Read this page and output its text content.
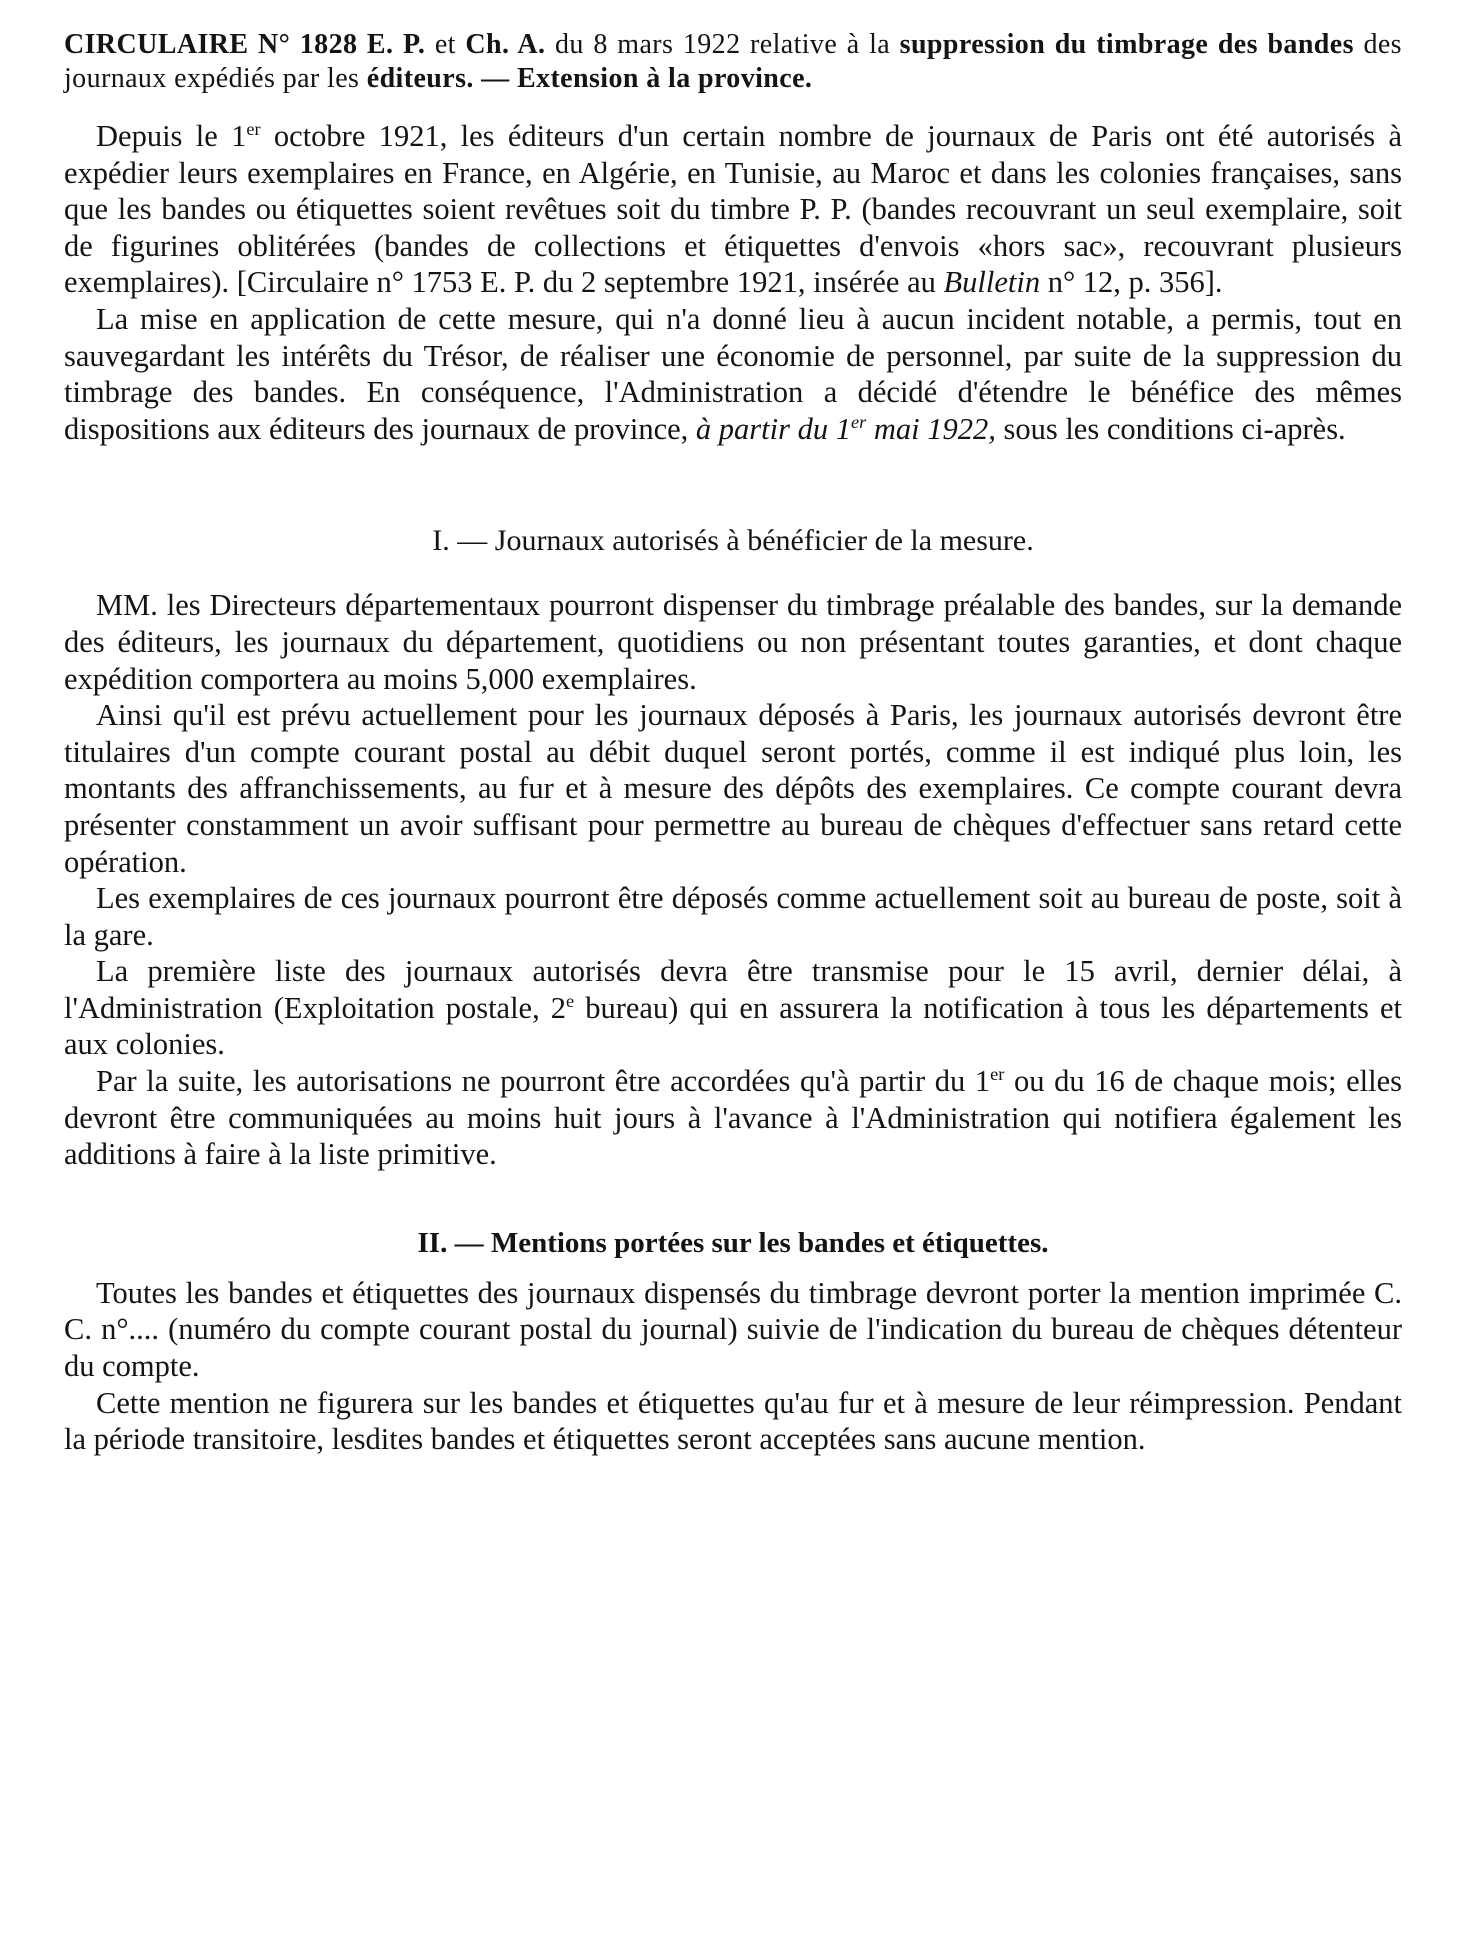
CIRCULAIRE N° 1828 E. P. et Ch. A. du 8 mars 1922 relative à la suppression du timbrage des bandes des journaux expédiés par les éditeurs. — Extension à la province.

Depuis le 1er octobre 1921, les éditeurs d'un certain nombre de journaux de Paris ont été autorisés à expédier leurs exemplaires en France, en Algérie, en Tunisie, au Maroc et dans les colonies françaises, sans que les bandes ou étiquettes soient revêtues soit du timbre P. P. (bandes recouvrant un seul exemplaire, soit de figurines oblitérées (bandes de collections et étiquettes d'envois «hors sac», recouvrant plusieurs exemplaires). [Circulaire n° 1753 E. P. du 2 septembre 1921, insérée au Bulletin n° 12, p. 356].

La mise en application de cette mesure, qui n'a donné lieu à aucun incident notable, a permis, tout en sauvegardant les intérêts du Trésor, de réaliser une économie de personnel, par suite de la suppression du timbrage des bandes. En conséquence, l'Administration a décidé d'étendre le bénéfice des mêmes dispositions aux éditeurs des journaux de province, à partir du 1er mai 1922, sous les conditions ci-après.

I. — Journaux autorisés à bénéficier de la mesure.

MM. les Directeurs départementaux pourront dispenser du timbrage préalable des bandes, sur la demande des éditeurs, les journaux du département, quotidiens ou non présentant toutes garanties, et dont chaque expédition comportera au moins 5,000 exemplaires.

Ainsi qu'il est prévu actuellement pour les journaux déposés à Paris, les journaux autorisés devront être titulaires d'un compte courant postal au débit duquel seront portés, comme il est indiqué plus loin, les montants des affranchissements, au fur et à mesure des dépôts des exemplaires. Ce compte courant devra présenter constamment un avoir suffisant pour permettre au bureau de chèques d'effectuer sans retard cette opération.

Les exemplaires de ces journaux pourront être déposés comme actuellement soit au bureau de poste, soit à la gare.

La première liste des journaux autorisés devra être transmise pour le 15 avril, dernier délai, à l'Administration (Exploitation postale, 2e bureau) qui en assurera la notification à tous les départements et aux colonies.

Par la suite, les autorisations ne pourront être accordées qu'à partir du 1er ou du 16 de chaque mois; elles devront être communiquées au moins huit jours à l'avance à l'Administration qui notifiera également les additions à faire à la liste primitive.

II. — Mentions portées sur les bandes et étiquettes.

Toutes les bandes et étiquettes des journaux dispensés du timbrage devront porter la mention imprimée C. C. n°.... (numéro du compte courant postal du journal) suivie de l'indication du bureau de chèques détenteur du compte.

Cette mention ne figurera sur les bandes et étiquettes qu'au fur et à mesure de leur réimpression. Pendant la période transitoire, lesdites bandes et étiquettes seront acceptées sans aucune mention.
